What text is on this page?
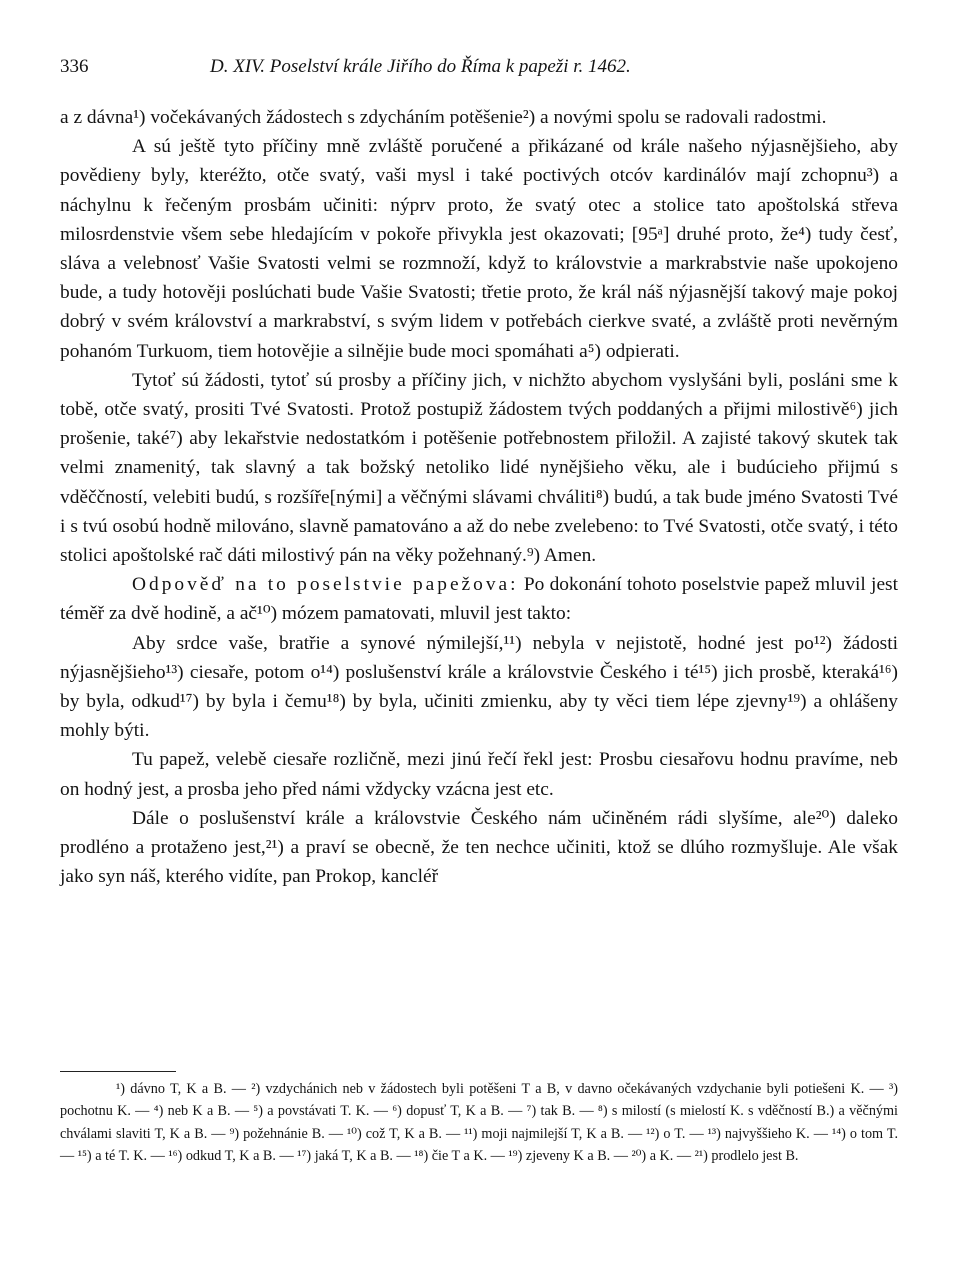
336	D. XIV. Poselství krále Jiřího do Říma k papeži r. 1462.

a z dávna¹) vočekávaných žádostech s zdycháním potěšenie²) a novými spolu se radovali radostmi.

A sú ještě tyto příčiny mně zvláště poručené a přikázané od krále našeho nýjasnějšieho, aby povědieny byly, kteréžto, otče svatý, vaši mysl i také poctivých otcóv kardinálóv mají zchopnu³) a náchylnu k řečeným prosbám učiniti: nýprv proto, že svatý otec a stolice tato apoštolská střeva milosrdenstvie všem sebe hledajícím v pokoře přivykla jest okazovati; [95ᵃ] druhé proto, že⁴) tudy česť, sláva a velebnosť Vašie Svatosti velmi se rozmnoží, když to královstvie a markrabstvie naše upokojeno bude, a tudy hotověji poslúchati bude Vašie Svatosti; třetie proto, že král náš nýjasnější takový maje pokoj dobrý v svém království a markrabství, s svým lidem v potřebách cierkve svaté, a zvláště proti nevěrným pohanóm Turkuom, tiem hotovějie a silnějie bude moci spomáhati a⁵) odpierati.

Tytoť sú žádosti, tytoť sú prosby a příčiny jich, v nichžto abychom vyslyšáni byli, posláni sme k tobě, otče svatý, prositi Tvé Svatosti. Protož postupiž žádostem tvých poddaných a přijmi milostivě⁶) jich prošenie, také⁷) aby lekařstvie nedostatkóm i potěšenie potřebnostem přiložil. A zajisté takový skutek tak velmi znamenitý, tak slavný a tak božský netoliko lidé nynějšieho věku, ale i budúcieho přijmú s vděččností, velebiti budú, s rozšíře[nými] a věčnými slávami chváliti⁸) budú, a tak bude jméno Svatosti Tvé i s tvú osobú hodně milováno, slavně pamatováno a až do nebe zvelebeno: to Tvé Svatosti, otče svatý, i této stolici apoštolské rač dáti milostivý pán na věky požehnaný.⁹) Amen.

Odpověď na to poselstvie papežova: Po dokonání tohoto poselstvie papež mluvil jest téměř za dvě hodině, a ač¹⁰) mózem pamatovati, mluvil jest takto:

Aby srdce vaše, bratřie a synové nýmilejší,¹¹) nebyla v nejistotě, hodné jest po¹²) žádosti nýjasnějšieho¹³) ciesaře, potom o¹⁴) poslušenství krále a královstvie Českého i té¹⁵) jich prosbě, kteraká¹⁶) by byla, odkud¹⁷) by byla i čemu¹⁸) by byla, učiniti zmienku, aby ty věci tiem lépe zjevny¹⁹) a ohlášeny mohly býti.

Tu papež, velebě ciesaře rozličně, mezi jinú řečí řekl jest: Prosbu ciesařovu hodnu pravíme, neb on hodný jest, a prosba jeho před námi vždycky vzácna jest etc.

Dále o poslušenství krále a královstvie Českého nám učiněném rádi slyšíme, ale²⁰) daleko prodléno a protaženo jest,²¹) a praví se obecně, že ten nechce učiniti, ktož se dlúho rozmyšluje. Ale však jako syn náš, kterého vidíte, pan Prokop, kancléř

¹) dávno T, K a B. — ²) vzdychánich neb v žádostech byli potěšeni T a B, v davno očekávaných vzdychanie byli potiešeni K. — ³) pochotnu K. — ⁴) neb K a B. — ⁵) a povstávati T. K. — ⁶) dopusť T, K a B. — ⁷) tak B. — ⁸) s milostí (s mielostí K. s vděčností B.) a věčnými chválami slaviti T, K a B. — ⁹) požehnánie B. — ¹⁰) což T, K a B. — ¹¹) moji najmilejší T, K a B. — ¹²) o T. — ¹³) najvyššieho K. — ¹⁴) o tom T. — ¹⁵) a té T. K. — ¹⁶) odkud T, K a B. — ¹⁷) jaká T, K a B. — ¹⁸) čie T a K. — ¹⁹) zjeveny K a B. — ²⁰) a K. — ²¹) prodlelo jest B.
